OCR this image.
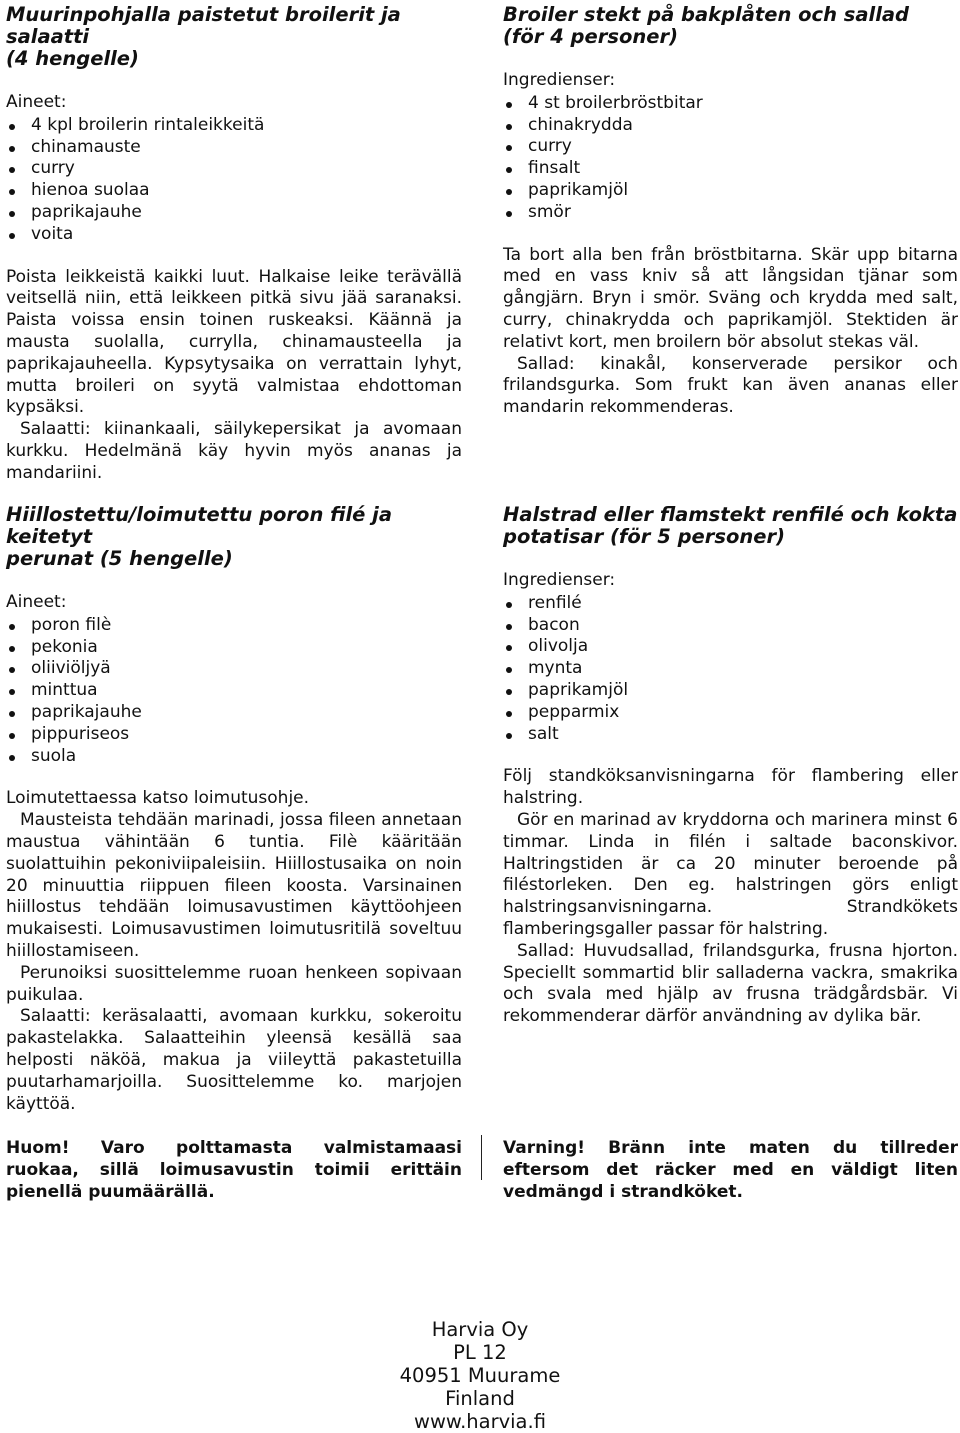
Muurinpohjalla paistetut broilerit ja salaatti
(4 hengelle)
Aineet:
4 kpl broilerin rintaleikkeitä
chinamauste
curry
hienoa suolaa
paprikajauhe
voita

Poista leikkeistä kaikki luut. Halkaise leike terävällä veitsellä niin, että leikkeen pitkä sivu jää saranaksi. Paista voissa ensin toinen ruskeaksi. Käännä ja mausta suolalla, currylla, chinamausteella ja paprikajauheella. Kypsytysaika on verrattain lyhyt, mutta broileri on syytä valmistaa ehdottoman kypsäksi.

Salaatti: kiinankaali, säilykepersikat ja avomaan kurkku. Hedelmänä käy hyvin myös ananas ja mandariini.

Broiler stekt på bakplåten och sallad
(för 4 personer)
Ingredienser:
4 st broilerbröstbitar
chinakrydda
curry
finsalt
paprikamjöl
smör

Ta bort alla ben från bröstbitarna. Skär upp bitarna med en vass kniv så att långsidan tjänar som gångjärn. Bryn i smör. Sväng och krydda med salt, curry, chinakrydda och paprikamjöl. Stektiden är relativt kort, men broilern bör absolut stekas väl.

Sallad: kinakål, konserverade persikor och frilandsgurka. Som frukt kan även ananas eller mandarin rekommenderas.

Hiillostettu/loimutettu poron filé ja keitetyt
perunat (5 hengelle)
Aineet:
poron filè
pekonia
oliiviöljyä
minttua
paprikajauhe
pippuriseos
suola

Loimutettaessa katso loimutusohje.

Mausteista tehdään marinadi, jossa fileen annetaan maustua vähintään 6 tuntia. Filè kääritään suolattuihin pekoniviipaleisiin. Hiillostusaika on noin 20 minuuttia riippuen fileen koosta. Varsinainen hiillostus tehdään loimusavustimen käyttöohjeen mukaisesti. Loimusavustimen loimutusritilä soveltuu hiillostamiseen.

Perunoiksi suosittelemme ruoan henkeen sopivaan puikulaa.

Salaatti: keräsalaatti, avomaan kurkku, sokeroitu pakastelakka. Salaatteihin yleensä kesällä saa helposti näköä, makua ja viileyttä pakastetuilla puutarhamarjoilla. Suosittelemme ko. marjojen käyttöä.

Halstrad eller flamstekt renfilé och kokta
potatisar (för 5 personer)
Ingredienser:
renfilé
bacon
olivolja
mynta
paprikamjöl
pepparmix
salt

Följ standköksanvisningarna för flambering eller halstring.

Gör en marinad av kryddorna och marinera minst 6 timmar. Linda in filén i saltade baconskivor. Haltringstiden är ca 20 minuter beroende på filéstorleken. Den eg. halstringen görs enligt halstringsanvisningarna. Strandkökets flamberingsgaller passar för halstring.

Sallad: Huvudsallad, frilandsgurka, frusna hjorton. Speciellt sommartid blir salladerna vackra, smakrika och svala med hjälp av frusna trädgårdsbär. Vi rekommenderar därför användning av dylika bär.

Huom! Varo polttamasta valmistamaasi ruokaa, sillä loimusavustin toimii erittäin pienellä puumäärällä.

Varning! Bränn inte maten du tillreder eftersom det räcker med en väldigt liten vedmängd i strandköket.

Harvia Oy
PL 12
40951 Muurame
Finland
www.harvia.fi
